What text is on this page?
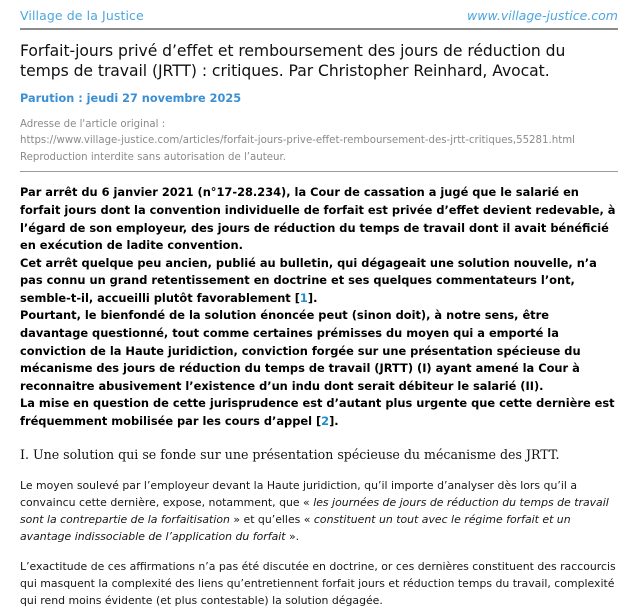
Village de la Justice	www.village-justice.com
Forfait-jours privé d’effet et remboursement des jours de réduction du temps de travail (JRTT) : critiques. Par Christopher Reinhard, Avocat.
Parution : jeudi 27 novembre 2025
Adresse de l'article original :
https://www.village-justice.com/articles/forfait-jours-prive-effet-remboursement-des-jrtt-critiques,55281.html
Reproduction interdite sans autorisation de l’auteur.

Par arrêt du 6 janvier 2021 (n°17-28.234), la Cour de cassation a jugé que le salarié en forfait jours dont la convention individuelle de forfait est privée d’effet devient redevable, à l’égard de son employeur, des jours de réduction du temps de travail dont il avait bénéficié en exécution de ladite convention.

Cet arrêt quelque peu ancien, publié au bulletin, qui dégageait une solution nouvelle, n’a pas connu un grand retentissement en doctrine et ses quelques commentateurs l’ont, semble-t-il, accueilli plutôt favorablement [1].

Pourtant, le bienfondé de la solution énoncée peut (sinon doit), à notre sens, être davantage questionné, tout comme certaines prémisses du moyen qui a emporté la conviction de la Haute juridiction, conviction forgée sur une présentation spécieuse du mécanisme des jours de réduction du temps de travail (JRTT) (I) ayant amené la Cour à reconnaitre abusivement l’existence d’un indu dont serait débiteur le salarié (II).

La mise en question de cette jurisprudence est d’autant plus urgente que cette dernière est fréquemment mobilisée par les cours d’appel [2].

I. Une solution qui se fonde sur une présentation spécieuse du mécanisme des JRTT.

Le moyen soulevé par l’employeur devant la Haute juridiction, qu’il importe d’analyser dès lors qu’il a convaincu cette dernière, expose, notamment, que « les journées de jours de réduction du temps de travail sont la contrepartie de la forfaitisation » et qu’elles « constituent un tout avec le régime forfait et un avantage indissociable de l’application du forfait ».

L’exactitude de ces affirmations n’a pas été discutée en doctrine, or ces dernières constituent des raccourcis qui masquent la complexité des liens qu’entretiennent forfait jours et réduction temps du travail, complexité qui rend moins évidente (et plus contestable) la solution dégagée.
